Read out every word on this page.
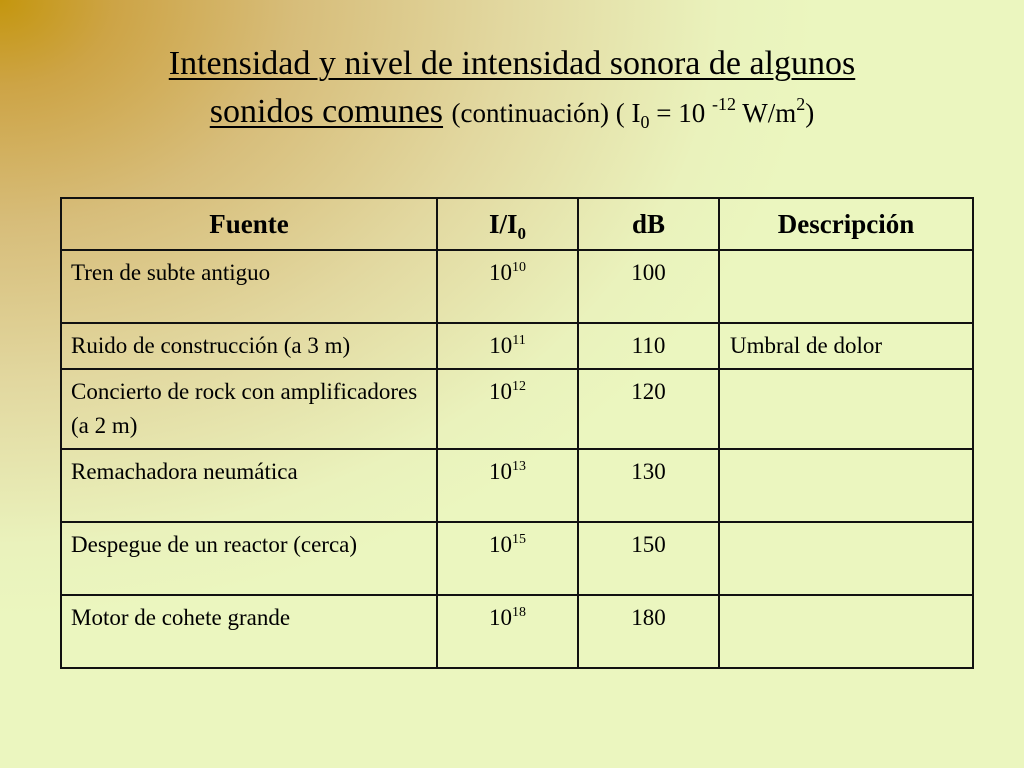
Intensidad y nivel de intensidad sonora de algunos
sonidos comunes (continuación) ( $I_0 = 10$ $^{-12}$ $W/m^2$)
Fuente	$I/I_0$	dB	Descripción
Tren de subte antiguo	$10^{10}$	100	
Ruido de construcción (a 3 m)	$10^{11}$	110	Umbral de dolor
Concierto de rock con amplificadores (a 2 m)	$10^{12}$	120	
Remachadora neumática	$10^{13}$	130	
Despegue de un reactor (cerca)	$10^{15}$	150	
Motor de cohete grande	$10^{18}$	180	
